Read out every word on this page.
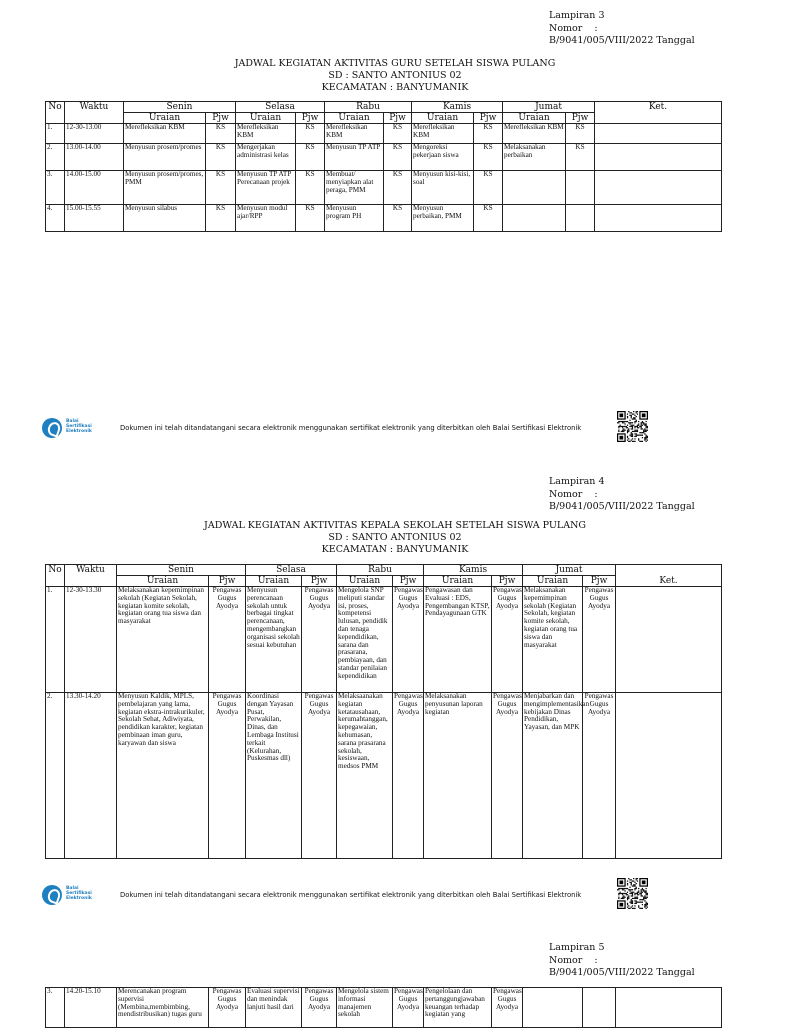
Lampiran 3
Nomor    :
B/9041/005/VIII/2022 Tanggal
JADWAL KEGIATAN AKTIVITAS GURU SETELAH SISWA PULANG
SD : SANTO ANTONIUS 02
KECAMATAN : BANYUMANIK
No	Waktu	Senin		Selasa		Rabu		Kamis		Jumat		Ket.
		Uraian	Pjw	Uraian	Pjw	Uraian	Pjw	Uraian	Pjw	Uraian	Pjw	
1.	12-30-13.00	Merefleksikan KBM	KS	Merefleksikan KBM	KS	Merefleksikan KBM	KS	Merefleksikan KBM	KS	Merefleksikan KBM	KS	
2.	13.00-14.00	Menyusun prosem/promes	KS	Mengerjakan administrasi kelas	KS	Menyusun TP ATP	KS	Mengoreksi pekerjaan siswa	KS	Melaksanakan perbaikan	KS	
3.	14.00-15.00	Menyusun prosem/promes, PMM	KS	Menyusun TP ATP Perecanaan projek	KS	Membuat/ menyiapkan alat peraga, PMM	KS	Menyusun kisi-kisi, soal	KS			
4.	15.00-15.55	Menyusun silabus	KS	Menyusun modul ajar/RPP	KS	Menyusun program PH	KS	Menyusun perbaikan, PMM	KS			
Balai
Sertifikasi
Elektronik	Dokumen ini telah ditandatangani secara elektronik menggunakan sertifikat elektronik yang diterbitkan oleh Balai Sertifikasi Elektronik
Lampiran 4
Nomor    :
B/9041/005/VIII/2022 Tanggal
JADWAL KEGIATAN AKTIVITAS KEPALA SEKOLAH SETELAH SISWA PULANG
SD : SANTO ANTONIUS 02
KECAMATAN : BANYUMANIK
No	Waktu	Senin		Selasa		Rabu		Kamis		Jumat		Ket.
		Uraian	Pjw	Uraian	Pjw	Uraian	Pjw	Uraian	Pjw	Uraian	Pjw	
1.	12-30-13.30	Melaksanakan kepemimpinan sekolah (Kegiatan Sekolah, kegiatan komite sekolah, kegiatan orang tua siswa dan masyarakat	Pengawas Gugus Ayodya	Menyusun perencanaan sekolah untuk berbagai tingkat perencanaan, mengembangkan organisasi sekolah sesuai kebutuhan	Pengawas Gugus Ayodya	Mengelola SNP meliputi standar isi, proses, kompetensi lulusan, pendidik dan tenaga kependidikan, sarana dan prasarana, pembiayaan, dan standar penilaian kependidikan	Pengawas Gugus Ayodya	Pengawasan dan Evaluasi : EDS, Pengembangan KTSP, Pendayagunaan GTK	Pengawas Gugus Ayodya	Melaksanakan kepemimpinan sekolah (Kegiatan Sekolah, kegiatan komite sekolah, kegiatan orang tua siswa dan masyarakat	Pengawas Gugus Ayodya	
2.	13.30-14.20	Menyusun Kaldik, MPLS, pembelajaran yang lama, kegiatan ekstra-intrakurikuler, Sekolah Sehat, Adiwiyata, pendidikan karakter, kegiatan pembinaan iman guru, karyawan dan siswa	Pengawas Gugus Ayodya	Koordinasi dengan Yayasan Pusat, Perwakilan, Dinas, dan Lembaga Institusi terkait (Kelurahan, Puskesmas dll)	Pengawas Gugus Ayodya	Melaksaanakan kegiatan ketatausahaan, kerumahtanggan, kepegawaian, kehumasan, sarana prasarana sekolah, kesiswaan, medsos PMM	Pengawas Gugus Ayodya	Melaksanakan penyusunan laporan kegiatan	Pengawas Gugus Ayodya	Menjabarkan dan mengimplementasikan kebijakan Dinas Pendidikan, Yayasan, dan MPK	Pengawas Gugus Ayodya	
Balai
Sertifikasi
Elektronik	Dokumen ini telah ditandatangani secara elektronik menggunakan sertifikat elektronik yang diterbitkan oleh Balai Sertifikasi Elektronik
Lampiran 5
Nomor    :
B/9041/005/VIII/2022 Tanggal
3.	14.20-15.10	Merencanakan program supervisi (Membina,membimbing, mendistribusikan) tugas guru	Pengawas Gugus Ayodya	Evaluasi supervisi dan menindak lanjuti hasil dari	Pengawas Gugus Ayodya	Mengelola sistem informasi manajemen sekolah	Pengawas Gugus Ayodya	Pengelolaan dan pertanggungjawaban keuangan terhadap kegiatan yang	Pengawas Gugus Ayodya			
